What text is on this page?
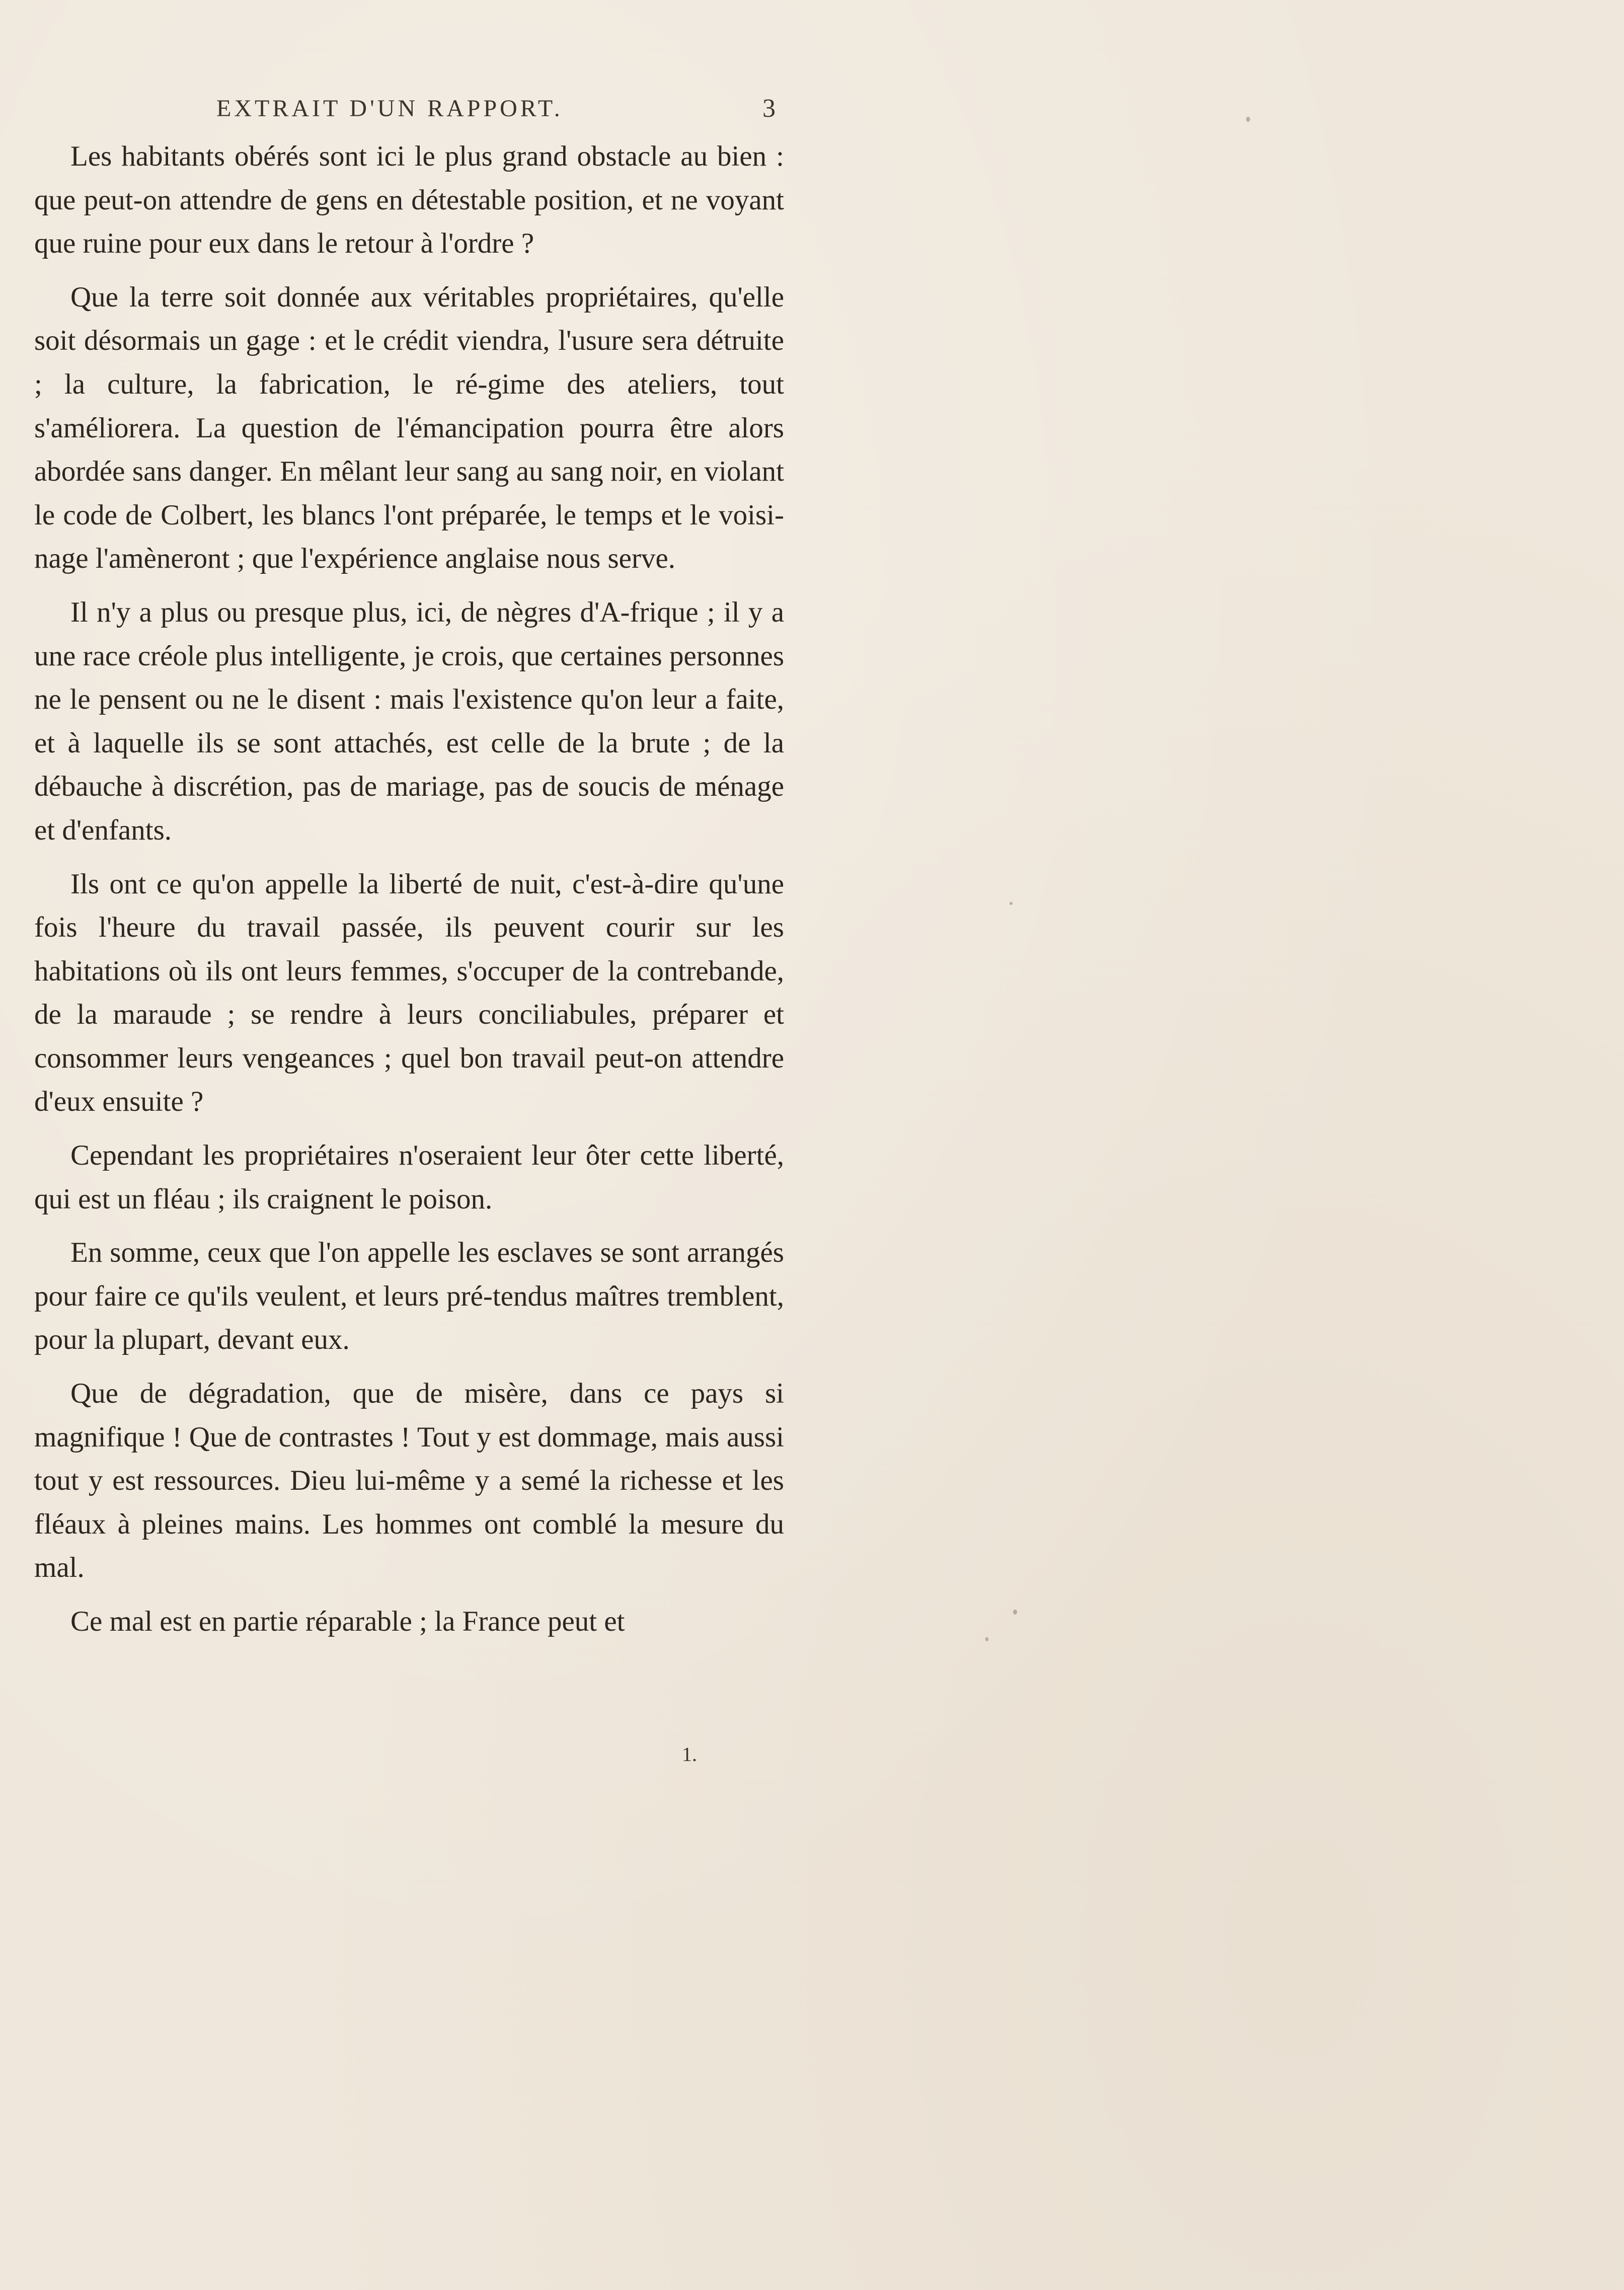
EXTRAIT D'UN RAPPORT.	3

Les habitants obérés sont ici le plus grand obstacle au bien : que peut-on attendre de gens en détestable position, et ne voyant que ruine pour eux dans le retour à l'ordre ?

Que la terre soit donnée aux véritables propriétaires, qu'elle soit désormais un gage : et le crédit viendra, l'usure sera détruite ; la culture, la fabrication, le ré-gime des ateliers, tout s'améliorera. La question de l'émancipation pourra être alors abordée sans danger. En mêlant leur sang au sang noir, en violant le code de Colbert, les blancs l'ont préparée, le temps et le voisi-nage l'amèneront ; que l'expérience anglaise nous serve.

Il n'y a plus ou presque plus, ici, de nègres d'A-frique ; il y a une race créole plus intelligente, je crois, que certaines personnes ne le pensent ou ne le disent : mais l'existence qu'on leur a faite, et à laquelle ils se sont attachés, est celle de la brute ; de la débauche à discrétion, pas de mariage, pas de soucis de ménage et d'enfants.

Ils ont ce qu'on appelle la liberté de nuit, c'est-à-dire qu'une fois l'heure du travail passée, ils peuvent courir sur les habitations où ils ont leurs femmes, s'occuper de la contrebande, de la maraude ; se rendre à leurs conciliabules, préparer et consommer leurs vengeances ; quel bon travail peut-on attendre d'eux ensuite ?

Cependant les propriétaires n'oseraient leur ôter cette liberté, qui est un fléau ; ils craignent le poison.

En somme, ceux que l'on appelle les esclaves se sont arrangés pour faire ce qu'ils veulent, et leurs pré-tendus maîtres tremblent, pour la plupart, devant eux.

Que de dégradation, que de misère, dans ce pays si magnifique ! Que de contrastes ! Tout y est dommage, mais aussi tout y est ressources. Dieu lui-même y a semé la richesse et les fléaux à pleines mains. Les hommes ont comblé la mesure du mal.

Ce mal est en partie réparable ; la France peut et

1.
